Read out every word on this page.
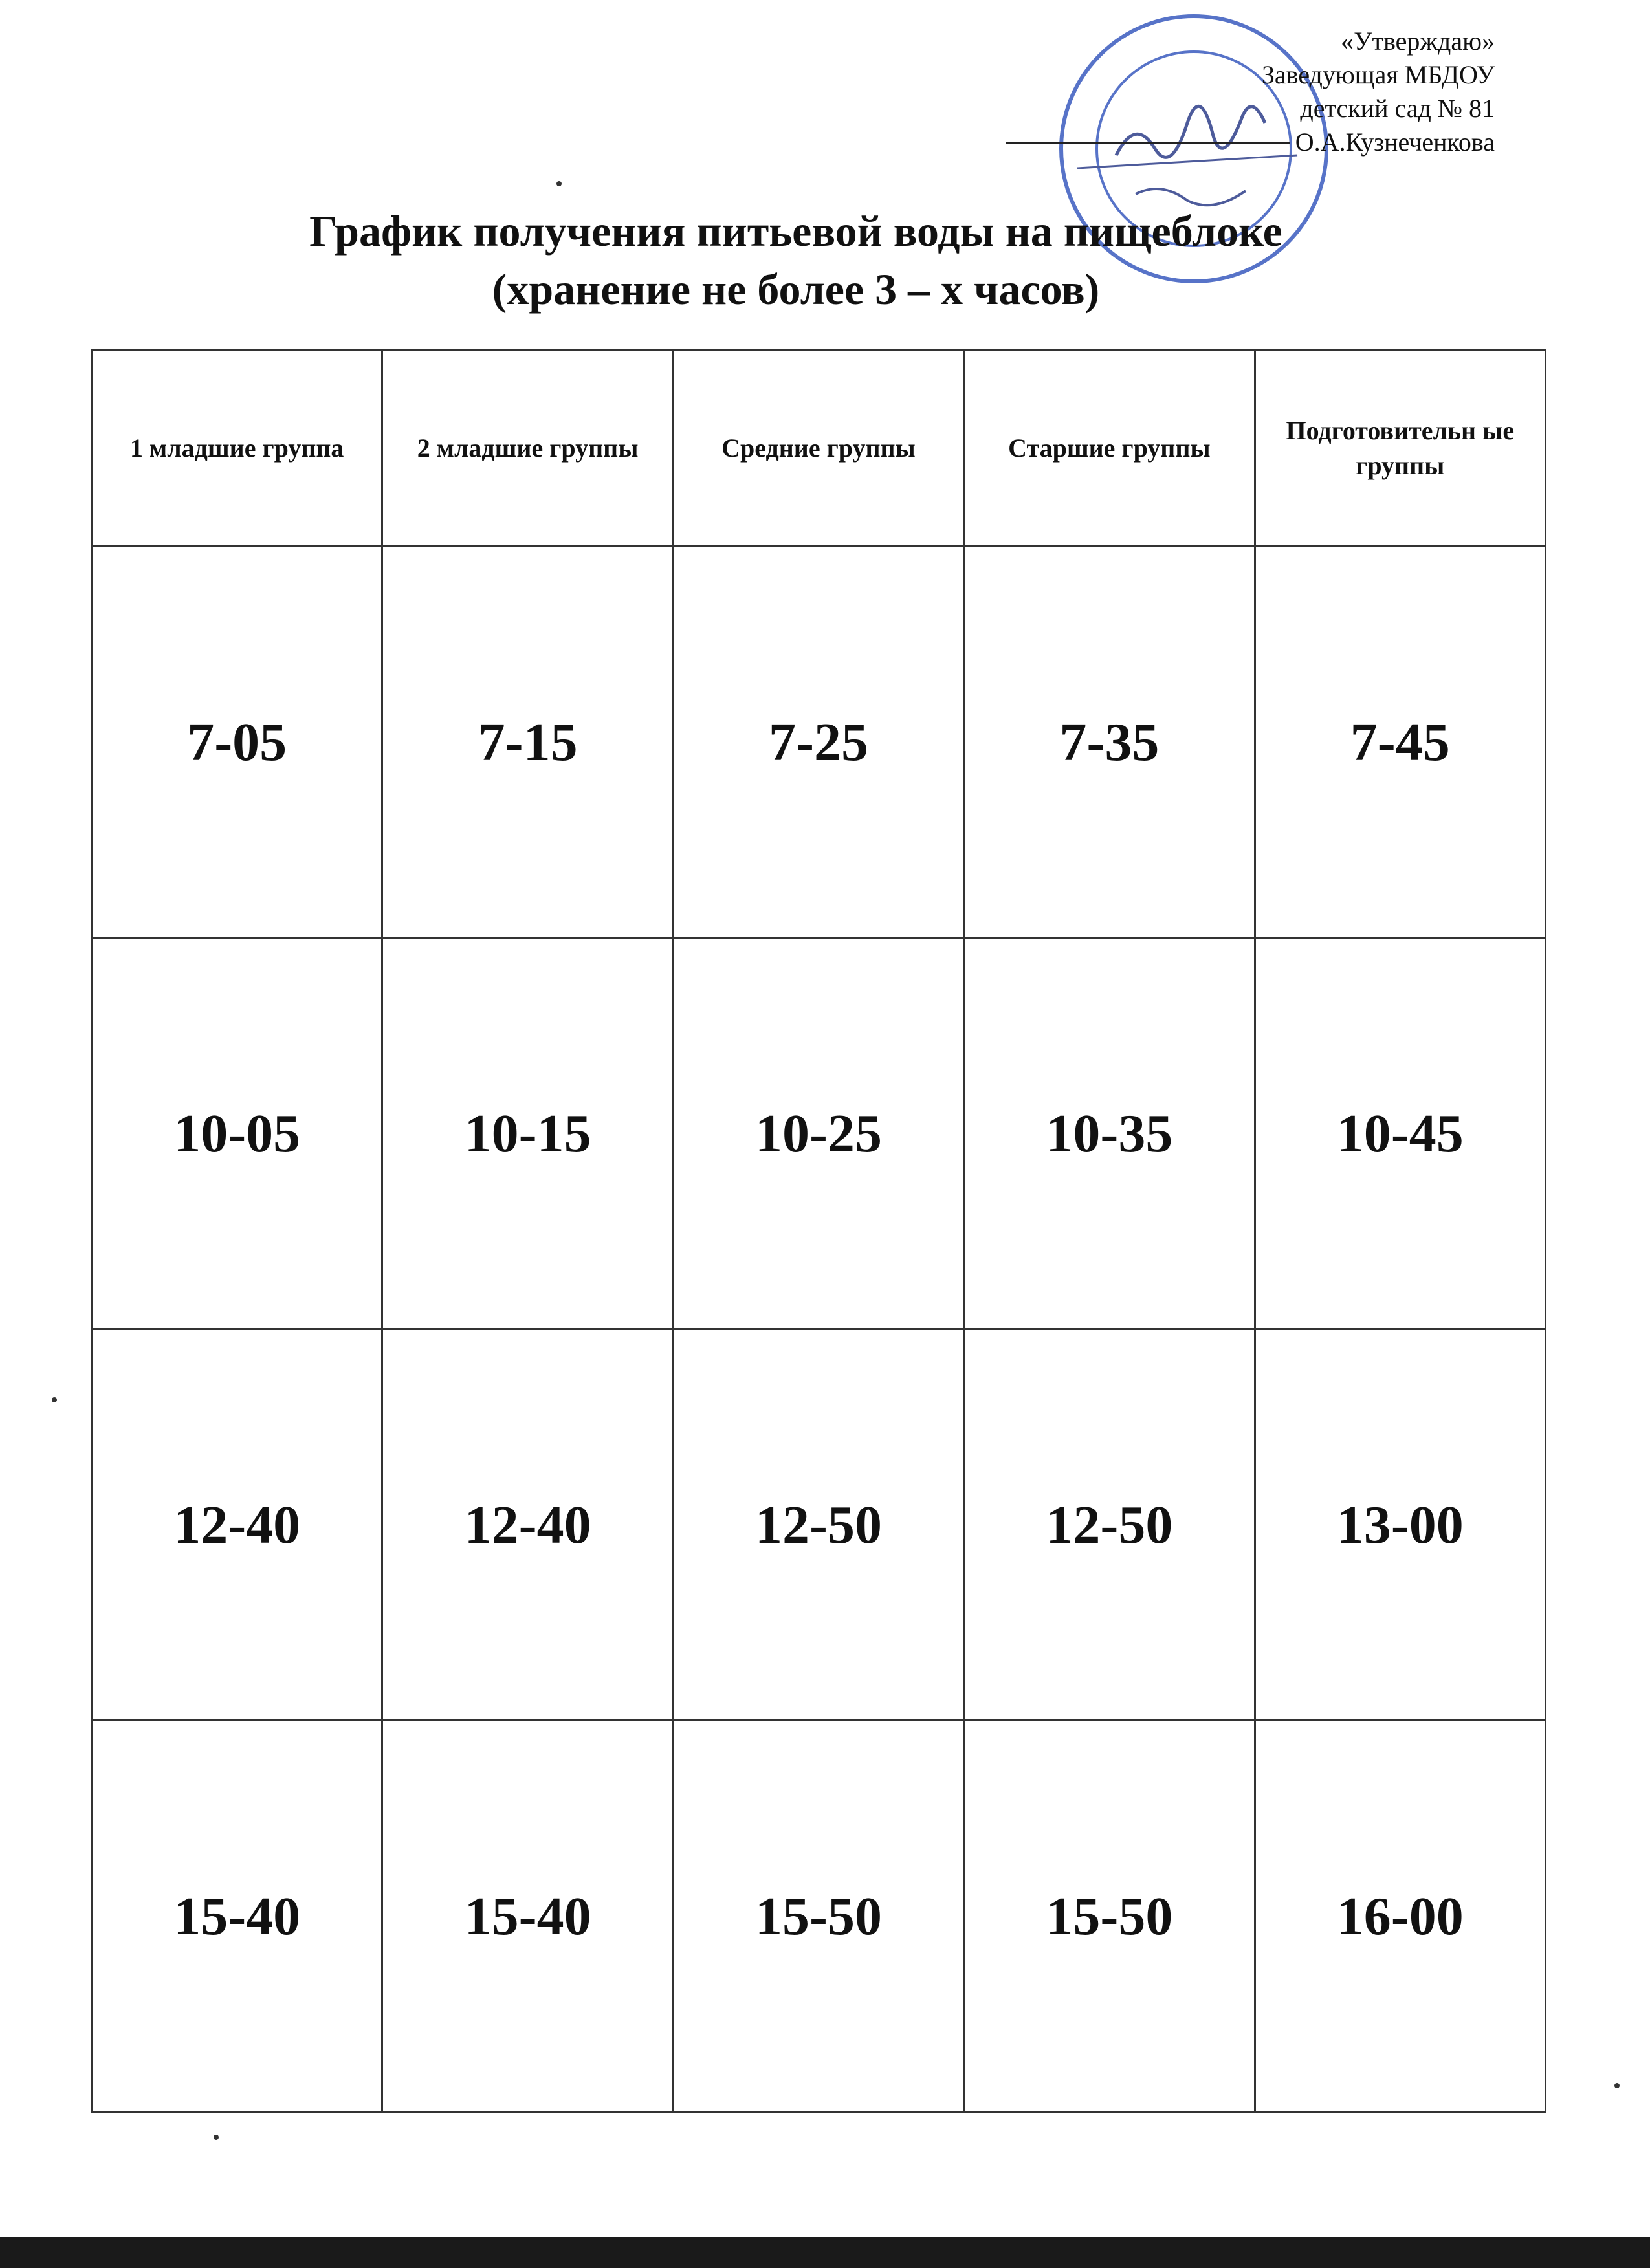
«Утверждаю»
Заведующая МБДОУ
детский сад № 81
О.А.Кузнеченкова
График получения питьевой воды на пищеблоке
(хранение не более 3 – х часов)
1 младшие группа	2 младшие группы	Средние группы	Старшие группы	Подготовительн ые группы
7-05	7-15	7-25	7-35	7-45
10-05	10-15	10-25	10-35	10-45
12-40	12-40	12-50	12-50	13-00
15-40	15-40	15-50	15-50	16-00
